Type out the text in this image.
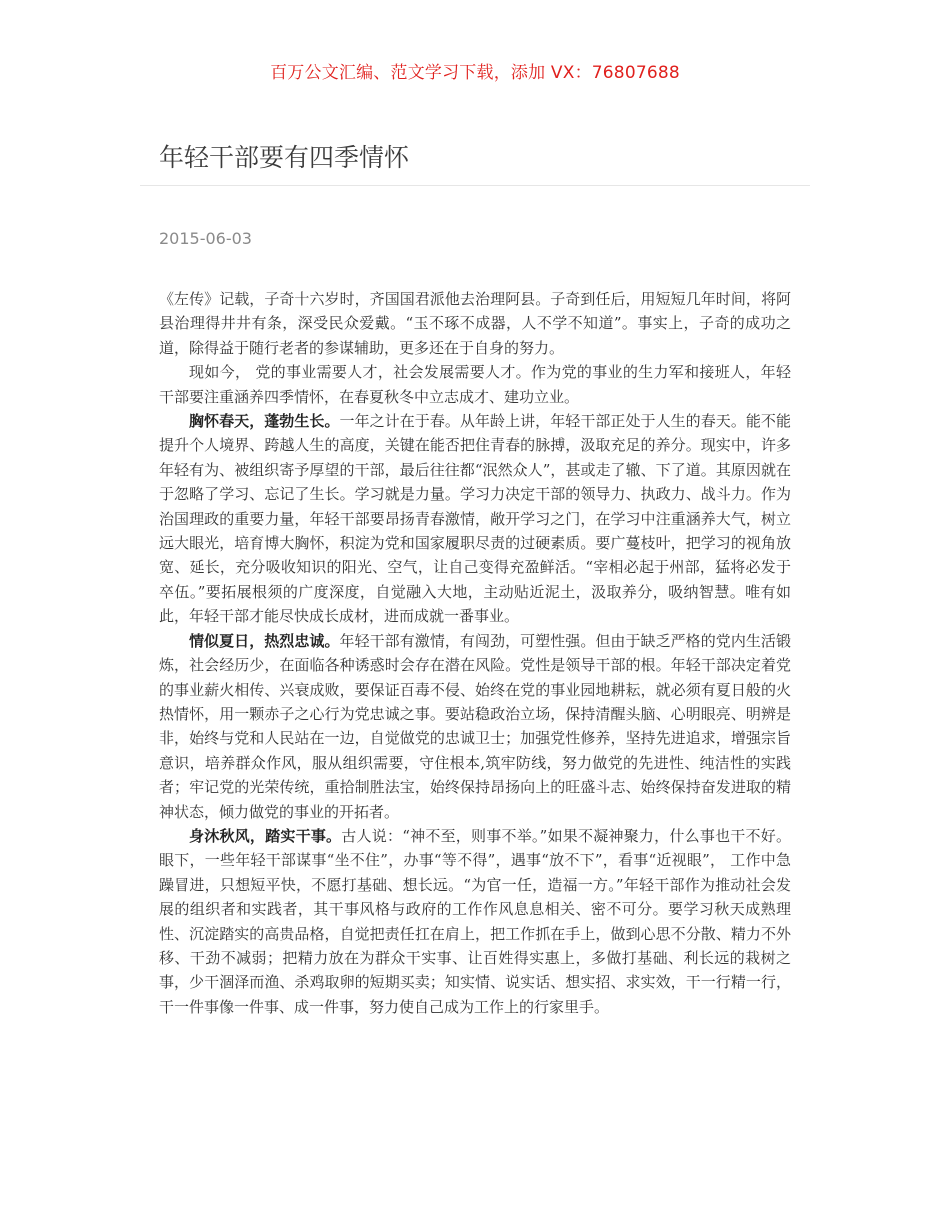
百万公文汇编、范文学习下载，添加 VX：76807688
年轻干部要有四季情怀
2015-06-03

《左传》记载，子奇十六岁时，齐国国君派他去治理阿县。子奇到任后，用短短几年时间，将阿县治理得井井有条，深受民众爱戴。“玉不琢不成器，人不学不知道”。事实上，子奇的成功之道，除得益于随行老者的参谋辅助，更多还在于自身的努力。

现如今， 党的事业需要人才，社会发展需要人才。作为党的事业的生力军和接班人，年轻干部要注重涵养四季情怀，在春夏秋冬中立志成才、建功立业。

胸怀春天，蓬勃生长。一年之计在于春。从年龄上讲，年轻干部正处于人生的春天。能不能提升个人境界、跨越人生的高度，关键在能否把住青春的脉搏，汲取充足的养分。现实中，许多年轻有为、被组织寄予厚望的干部，最后往往都“泯然众人”，甚或走了辙、下了道。其原因就在于忽略了学习、忘记了生长。学习就是力量。学习力决定干部的领导力、执政力、战斗力。作为治国理政的重要力量，年轻干部要昂扬青春激情，敞开学习之门，在学习中注重涵养大气，树立远大眼光，培育博大胸怀，积淀为党和国家履职尽责的过硬素质。要广蔓枝叶，把学习的视角放宽、延长，充分吸收知识的阳光、空气，让自己变得充盈鲜活。“宰相必起于州部，猛将必发于卒伍。”要拓展根须的广度深度，自觉融入大地，主动贴近泥土，汲取养分，吸纳智慧。唯有如此，年轻干部才能尽快成长成材，进而成就一番事业。

情似夏日，热烈忠诚。年轻干部有激情，有闯劲，可塑性强。但由于缺乏严格的党内生活锻炼，社会经历少，在面临各种诱惑时会存在潜在风险。党性是领导干部的根。年轻干部决定着党的事业薪火相传、兴衰成败，要保证百毒不侵、始终在党的事业园地耕耘，就必须有夏日般的火热情怀，用一颗赤子之心行为党忠诚之事。要站稳政治立场，保持清醒头脑、心明眼亮、明辨是非，始终与党和人民站在一边，自觉做党的忠诚卫士；加强党性修养，坚持先进追求，增强宗旨意识，培养群众作风，服从组织需要，守住根本,筑牢防线，努力做党的先进性、纯洁性的实践者；牢记党的光荣传统，重拾制胜法宝，始终保持昂扬向上的旺盛斗志、始终保持奋发进取的精神状态，倾力做党的事业的开拓者。

身沐秋风，踏实干事。古人说：“神不至，则事不举。”如果不凝神聚力，什么事也干不好。眼下，一些年轻干部谋事“坐不住”，办事“等不得”，遇事“放不下”，看事“近视眼”， 工作中急躁冒进，只想短平快，不愿打基础、想长远。“为官一任，造福一方。”年轻干部作为推动社会发展的组织者和实践者，其干事风格与政府的工作作风息息相关、密不可分。要学习秋天成熟理性、沉淀踏实的高贵品格，自觉把责任扛在肩上，把工作抓在手上，做到心思不分散、精力不外移、干劲不减弱；把精力放在为群众干实事、让百姓得实惠上，多做打基础、利长远的栽树之事，少干涸泽而渔、杀鸡取卵的短期买卖；知实情、说实话、想实招、求实效，干一行精一行，干一件事像一件事、成一件事，努力使自己成为工作上的行家里手。
